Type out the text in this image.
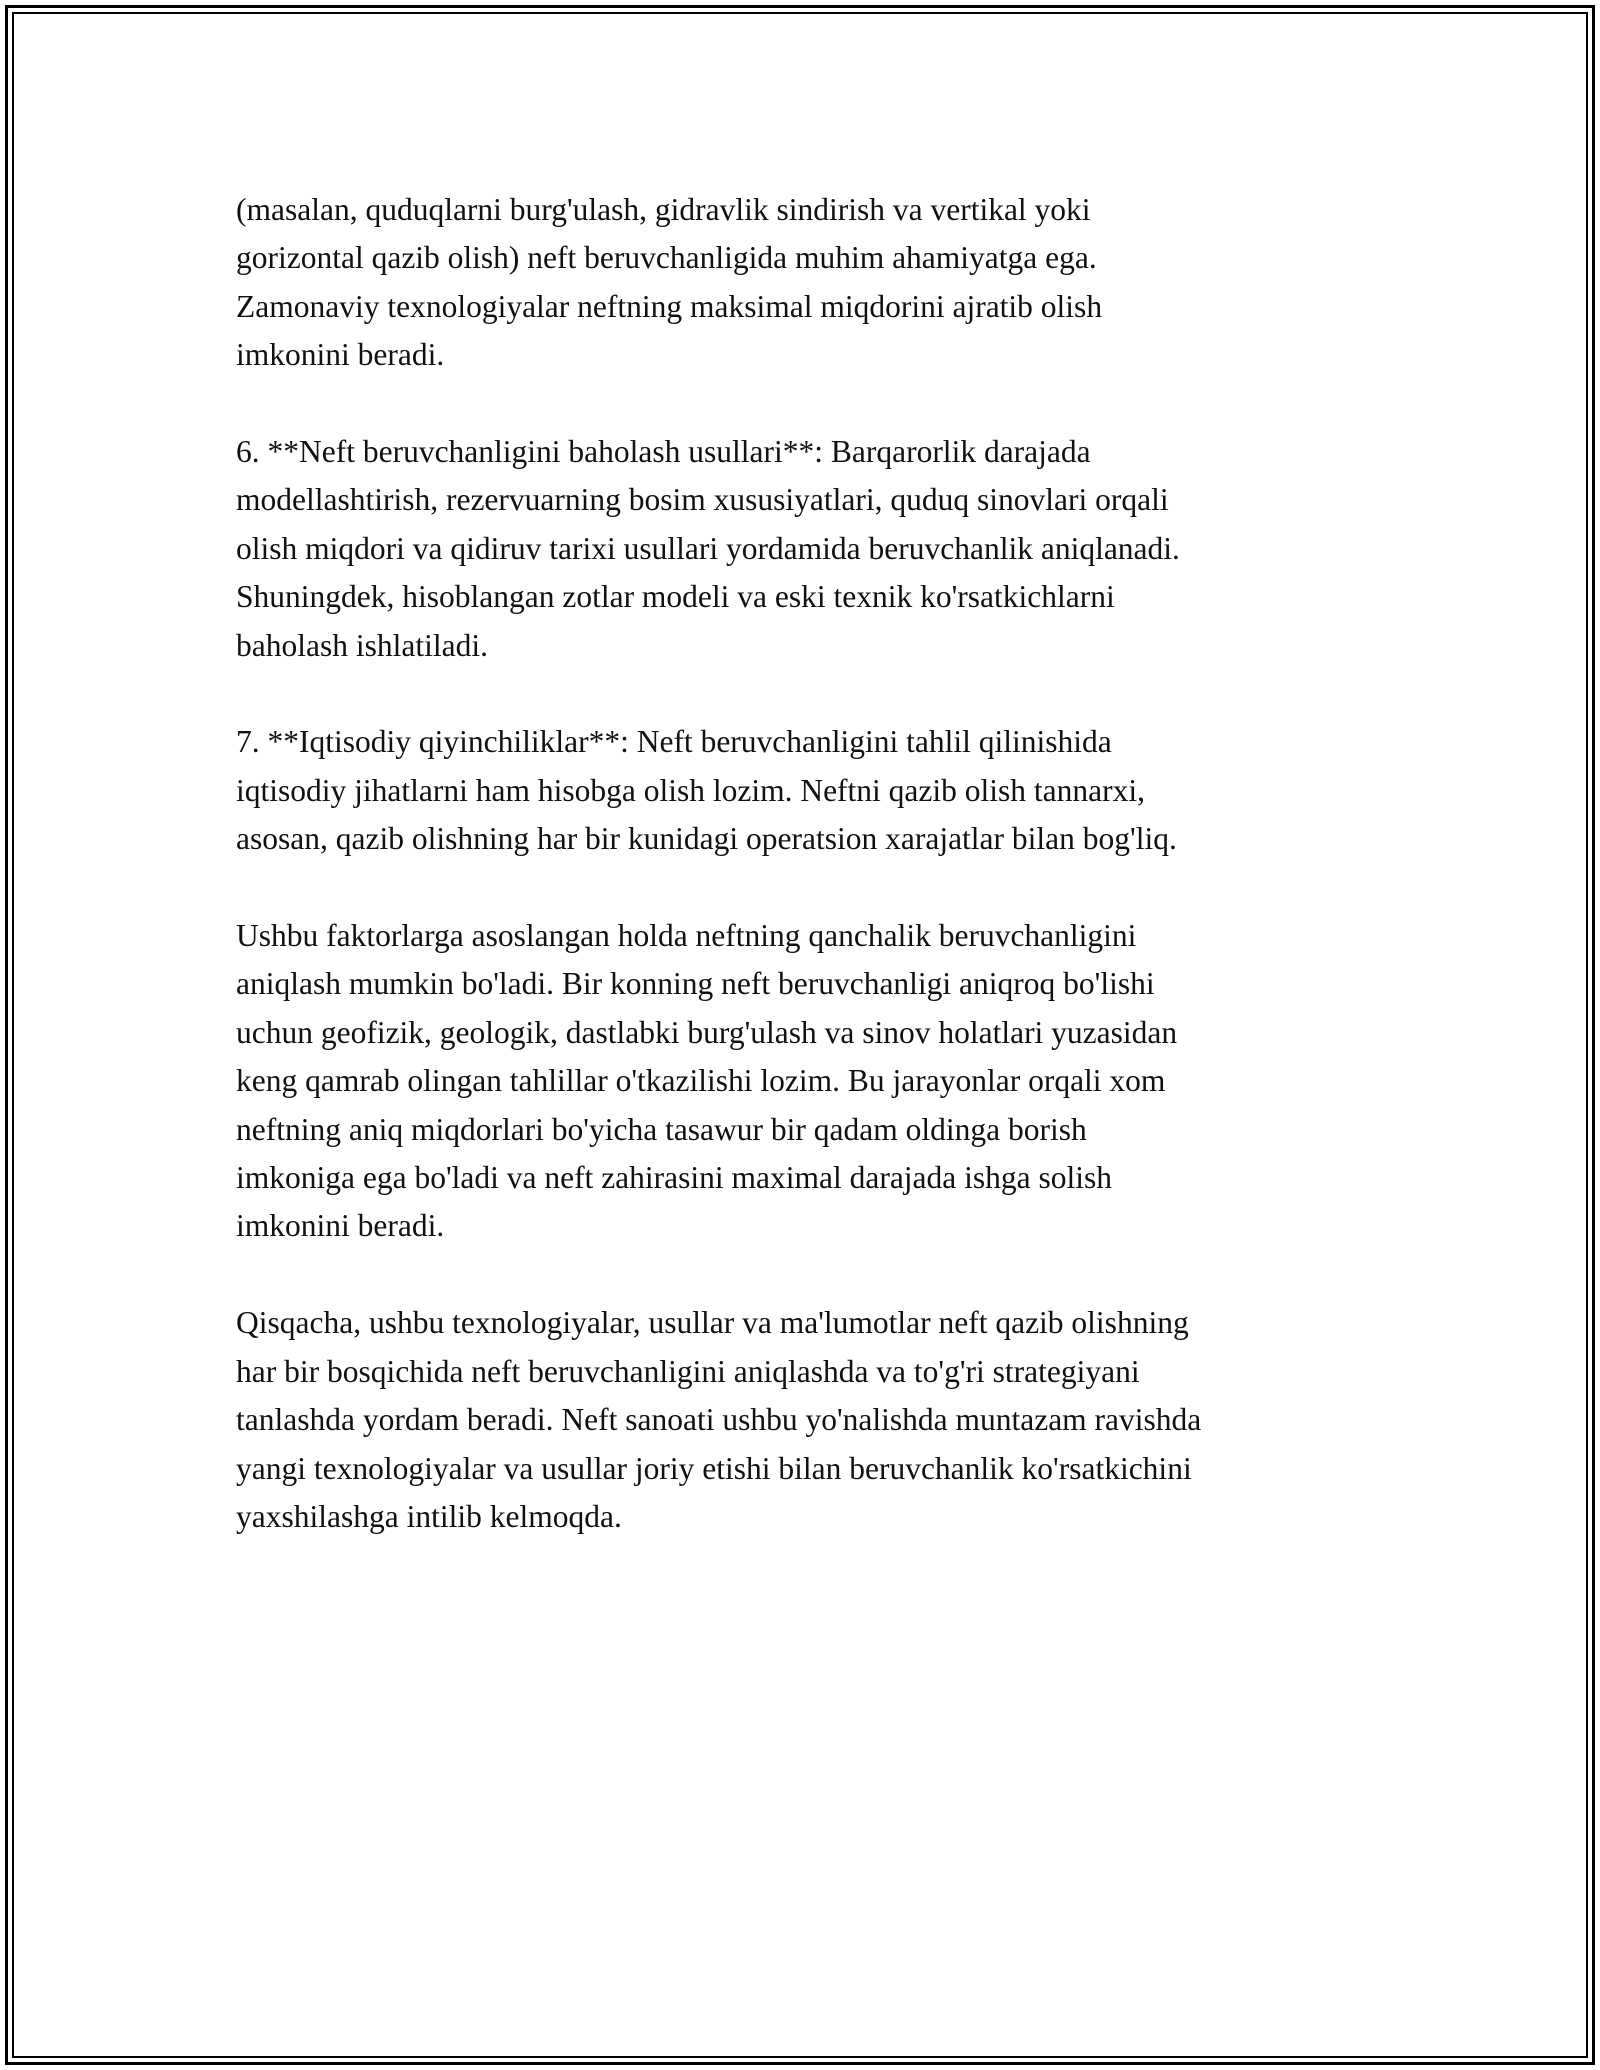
(masalan, quduqlarni burg'ulash, gidravlik sindirish va vertikal yoki
gorizontal qazib olish) neft beruvchanligida muhim ahamiyatga ega.
Zamonaviy texnologiyalar neftning maksimal miqdorini ajratib olish
imkonini beradi.

6. **Neft beruvchanligini baholash usullari**: Barqarorlik darajada
modellashtirish, rezervuarning bosim xususiyatlari, quduq sinovlari orqali
olish miqdori va qidiruv tarixi usullari yordamida beruvchanlik aniqlanadi.
Shuningdek, hisoblangan zotlar modeli va eski texnik ko'rsatkichlarni
baholash ishlatiladi.

7. **Iqtisodiy qiyinchiliklar**: Neft beruvchanligini tahlil qilinishida
iqtisodiy jihatlarni ham hisobga olish lozim. Neftni qazib olish tannarxi,
asosan, qazib olishning har bir kunidagi operatsion xarajatlar bilan bog'liq.

Ushbu faktorlarga asoslangan holda neftning qanchalik beruvchanligini
aniqlash mumkin bo'ladi. Bir konning neft beruvchanligi aniqroq bo'lishi
uchun geofizik, geologik, dastlabki burg'ulash va sinov holatlari yuzasidan
keng qamrab olingan tahlillar o'tkazilishi lozim. Bu jarayonlar orqali xom
neftning aniq miqdorlari bo'yicha tasawur bir qadam oldinga borish
imkoniga ega bo'ladi va neft zahirasini maximal darajada ishga solish
imkonini beradi.

Qisqacha, ushbu texnologiyalar, usullar va ma'lumotlar neft qazib olishning
har bir bosqichida neft beruvchanligini aniqlashda va to'g'ri strategiyani
tanlashda yordam beradi. Neft sanoati ushbu yo'nalishda muntazam ravishda
yangi texnologiyalar va usullar joriy etishi bilan beruvchanlik ko'rsatkichini
yaxshilashga intilib kelmoqda.
